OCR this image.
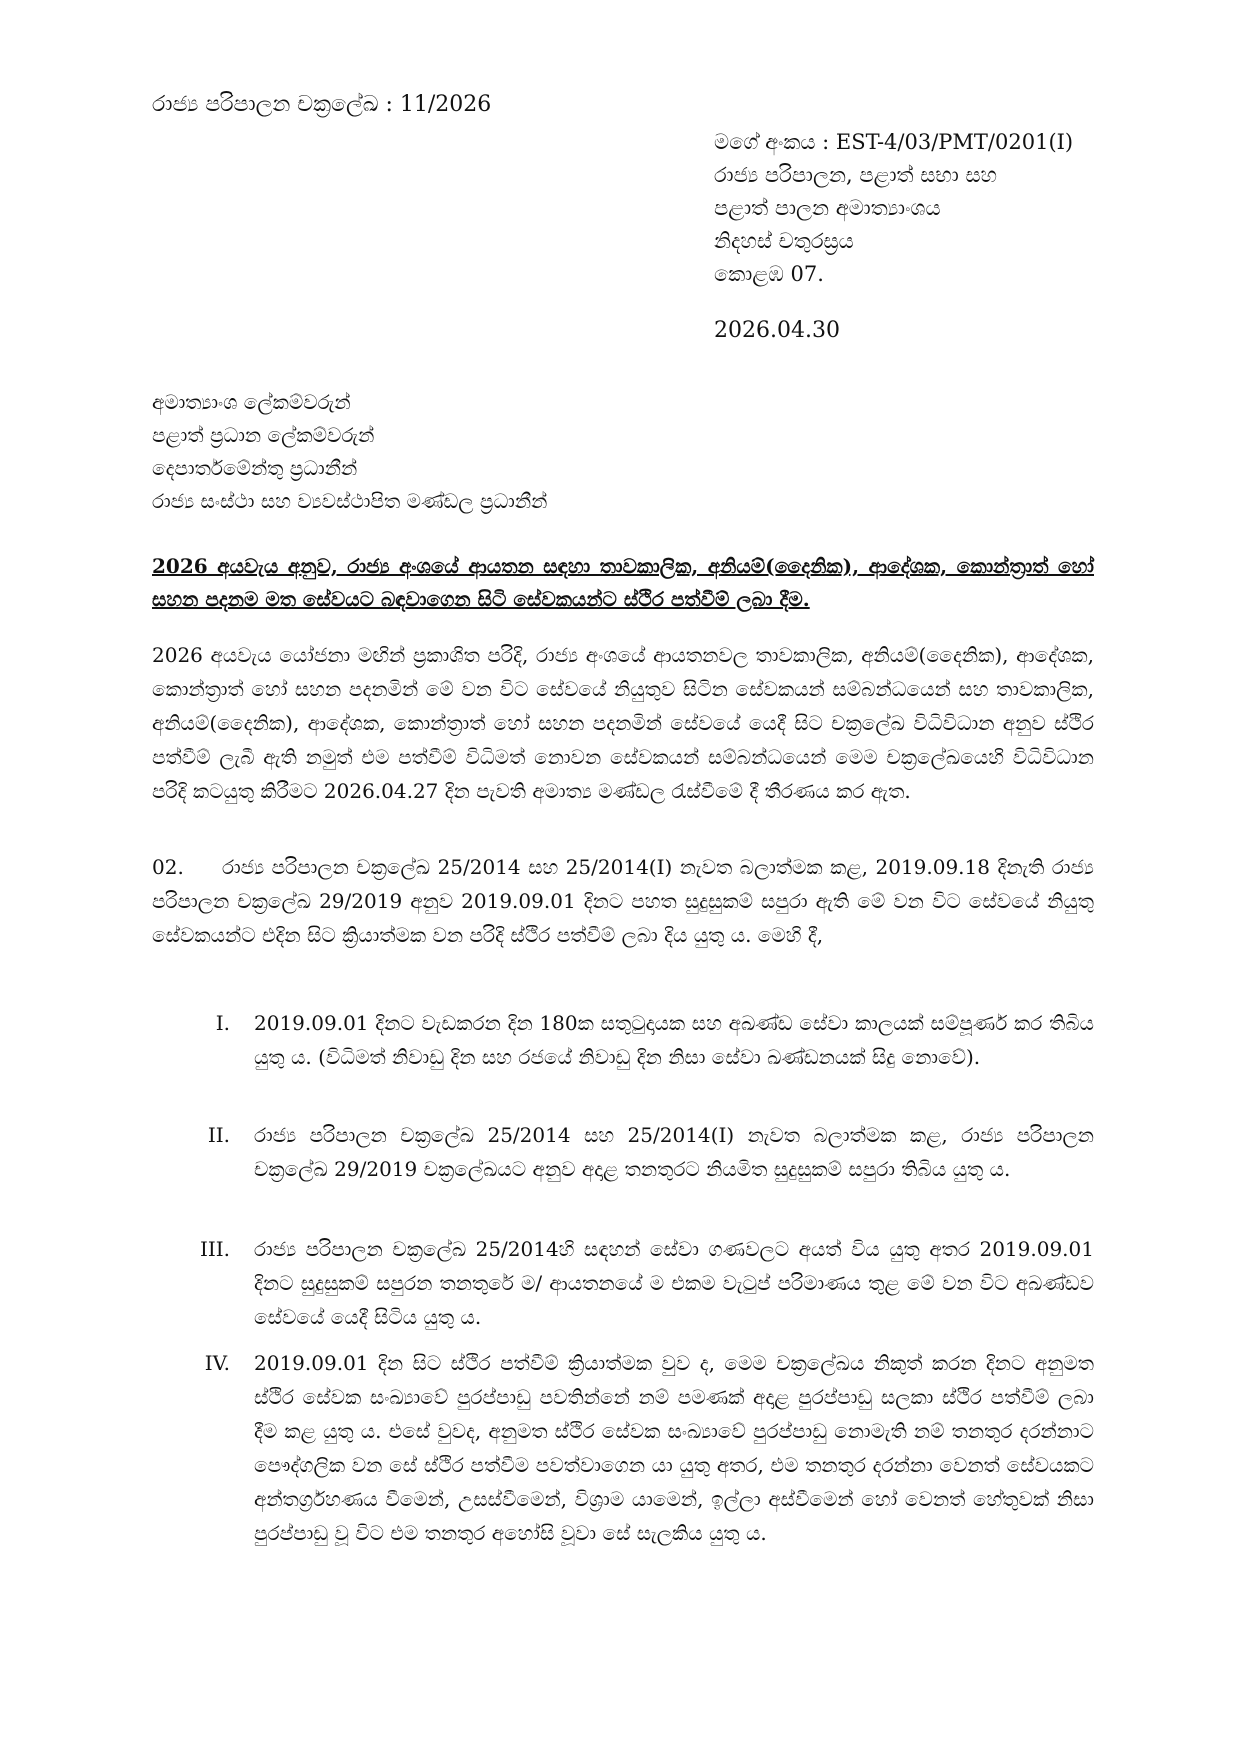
රාජ්‍ය පරිපාලන චක්‍රලේඛ : 11/2026
මගේ අංකය : EST-4/03/PMT/0201(I)
රාජ්‍ය පරිපාලන, පළාත් සභා සහ
පළාත් පාලන අමාත්‍යාංශය
නිදහස් චතුරස්‍රය
කොළඹ 07.
2026.04.30
අමාත්‍යාංශ ලේකම්වරුන්
පළාත් ප්‍රධාන ලේකම්වරුන්
දෙපාර්තමේන්තු ප්‍රධානීන්
රාජ්‍ය සංස්ථා සහ ව්‍යවස්ථාපිත මණ්ඩල ප්‍රධානීන්
2026 අයවැය අනුව, රාජ්‍ය අංශයේ ආයතන සඳහා තාවකාලික, අනියම්(දෛනික), ආදේශක, කොන්ත්‍රාත් හෝ සහන පදනම මත සේවයට බඳවාගෙන සිටි සේවකයන්ට ස්ථිර පත්වීම් ලබා දීම.
2026 අයවැය යෝජනා මඟින් ප්‍රකාශිත පරිදි, රාජ්‍ය අංශයේ ආයතනවල තාවකාලික, අනියම්(දෛනික), ආදේශක, කොන්ත්‍රාත් හෝ සහන පදනමින් මේ වන විට සේවයේ නියුතුව සිටින සේවකයන් සම්බන්ධයෙන් සහ තාවකාලික, අනියම්(දෛනික), ආදේශක, කොන්ත්‍රාත් හෝ සහන පදනමින් සේවයේ යෙදී සිට චක්‍රලේඛ විධිවිධාන අනුව ස්ථිර පත්වීම් ලැබී ඇති නමුත් එම පත්වීම් විධිමත් නොවන සේවකයන් සම්බන්ධයෙන් මෙම චක්‍රලේඛයෙහි විධිවිධාන පරිදි කටයුතු කිරීමට 2026.04.27 දින පැවති අමාත්‍ය මණ්ඩල රැස්වීමේ දී තීරණය කර ඇත.
02. රාජ්‍ය පරිපාලන චක්‍රලේඛ 25/2014 සහ 25/2014(I) නැවත බලාත්මක කළ, 2019.09.18 දිනැති රාජ්‍ය පරිපාලන චක්‍රලේඛ 29/2019 අනුව 2019.09.01 දිනට පහත සුදුසුකම් සපුරා ඇති මේ වන විට සේවයේ නියුතු සේවකයන්ට එදින සිට ක්‍රියාත්මක වන පරිදි ස්ථිර පත්වීම් ලබා දිය යුතු ය. මෙහි දී,
I. 2019.09.01 දිනට වැඩකරන දින 180ක සතුටුදායක සහ අඛණ්ඩ සේවා කාලයක් සම්පූර්ණ කර තිබිය යුතු ය. (විධිමත් නිවාඩු දින සහ රජයේ නිවාඩු දින නිසා සේවා ඛණ්ඩනයක් සිදු නොවේ).
II. රාජ්‍ය පරිපාලන චක්‍රලේඛ 25/2014 සහ 25/2014(I) නැවත බලාත්මක කළ, රාජ්‍ය පරිපාලන චක්‍රලේඛ 29/2019 චක්‍රලේඛයට අනුව අදාළ තනතුරට නියමිත සුදුසුකම් සපුරා තිබිය යුතු ය.
III. රාජ්‍ය පරිපාලන චක්‍රලේඛ 25/2014හි සඳහන් සේවා ගණවලට අයත් විය යුතු අතර 2019.09.01 දිනට සුදුසුකම් සපුරන තනතුරේ ම/ ආයතනයේ ම එකම වැටුප් පරිමාණය තුළ මේ වන විට අඛණ්ඩව සේවයේ යෙදී සිටිය යුතු ය.
IV. 2019.09.01 දින සිට ස්ථිර පත්වීම් ක්‍රියාත්මක වුව ද, මෙම චක්‍රලේඛය නිකුත් කරන දිනට අනුමත ස්ථිර සේවක සංඛ්‍යාවේ පුරප්පාඩු පවතින්නේ නම් පමණක් අදාළ පුරප්පාඩු සලකා ස්ථිර පත්වීම් ලබා දීම කළ යුතු ය. එසේ වුවද, අනුමත ස්ථිර සේවක සංඛ්‍යාවේ පුරප්පාඩු නොමැති නම් තනතුර දරන්නාට පෞද්ගලික වන සේ ස්ථිර පත්වීම පවත්වාගෙන යා යුතු අතර, එම තනතුර දරන්නා වෙනත් සේවයකට අන්තර්ග්‍රහණය වීමෙන්, උසස්වීමෙන්, විශ්‍රාම යාමෙන්, ඉල්ලා අස්වීමෙන් හෝ වෙනත් හේතුවක් නිසා පුරප්පාඩු වූ විට එම තනතුර අහෝසි වූවා සේ සැලකිය යුතු ය.
